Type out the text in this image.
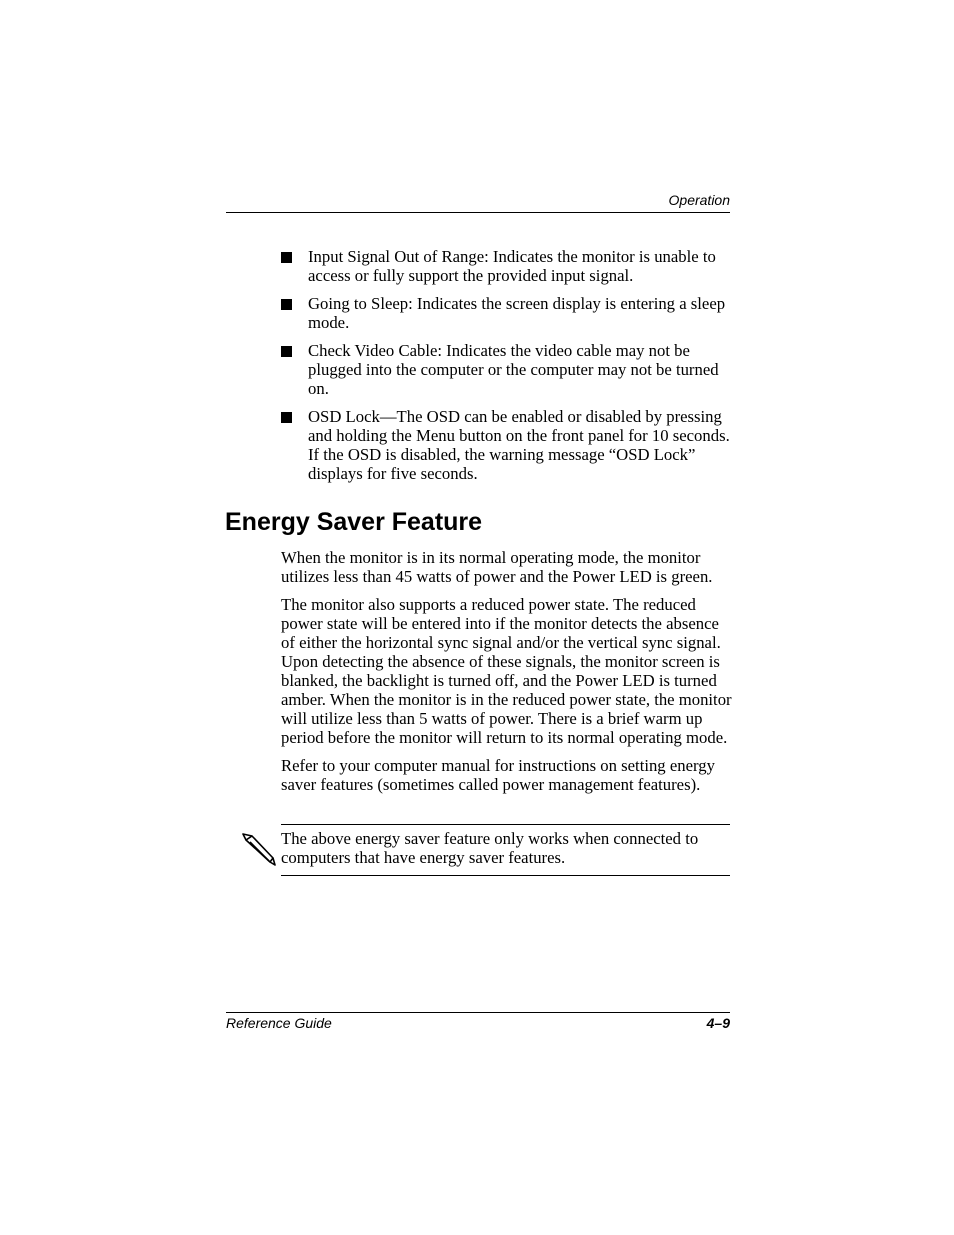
Operation
Input Signal Out of Range: Indicates the monitor is unable to access or fully support the provided input signal.
Going to Sleep: Indicates the screen display is entering a sleep mode.
Check Video Cable: Indicates the video cable may not be plugged into the computer or the computer may not be turned on.
OSD Lock—The OSD can be enabled or disabled by pressing and holding the Menu button on the front panel for 10 seconds. If the OSD is disabled, the warning message “OSD Lock” displays for five seconds.
Energy Saver Feature

When the monitor is in its normal operating mode, the monitor utilizes less than 45 watts of power and the Power LED is green.

The monitor also supports a reduced power state. The reduced power state will be entered into if the monitor detects the absence of either the horizontal sync signal and/or the vertical sync signal. Upon detecting the absence of these signals, the monitor screen is blanked, the backlight is turned off, and the Power LED is turned amber. When the monitor is in the reduced power state, the monitor will utilize less than 5 watts of power. There is a brief warm up period before the monitor will return to its normal operating mode.

Refer to your computer manual for instructions on setting energy saver features (sometimes called power management features).

The above energy saver feature only works when connected to computers that have energy saver features.

Reference Guide	4–9
